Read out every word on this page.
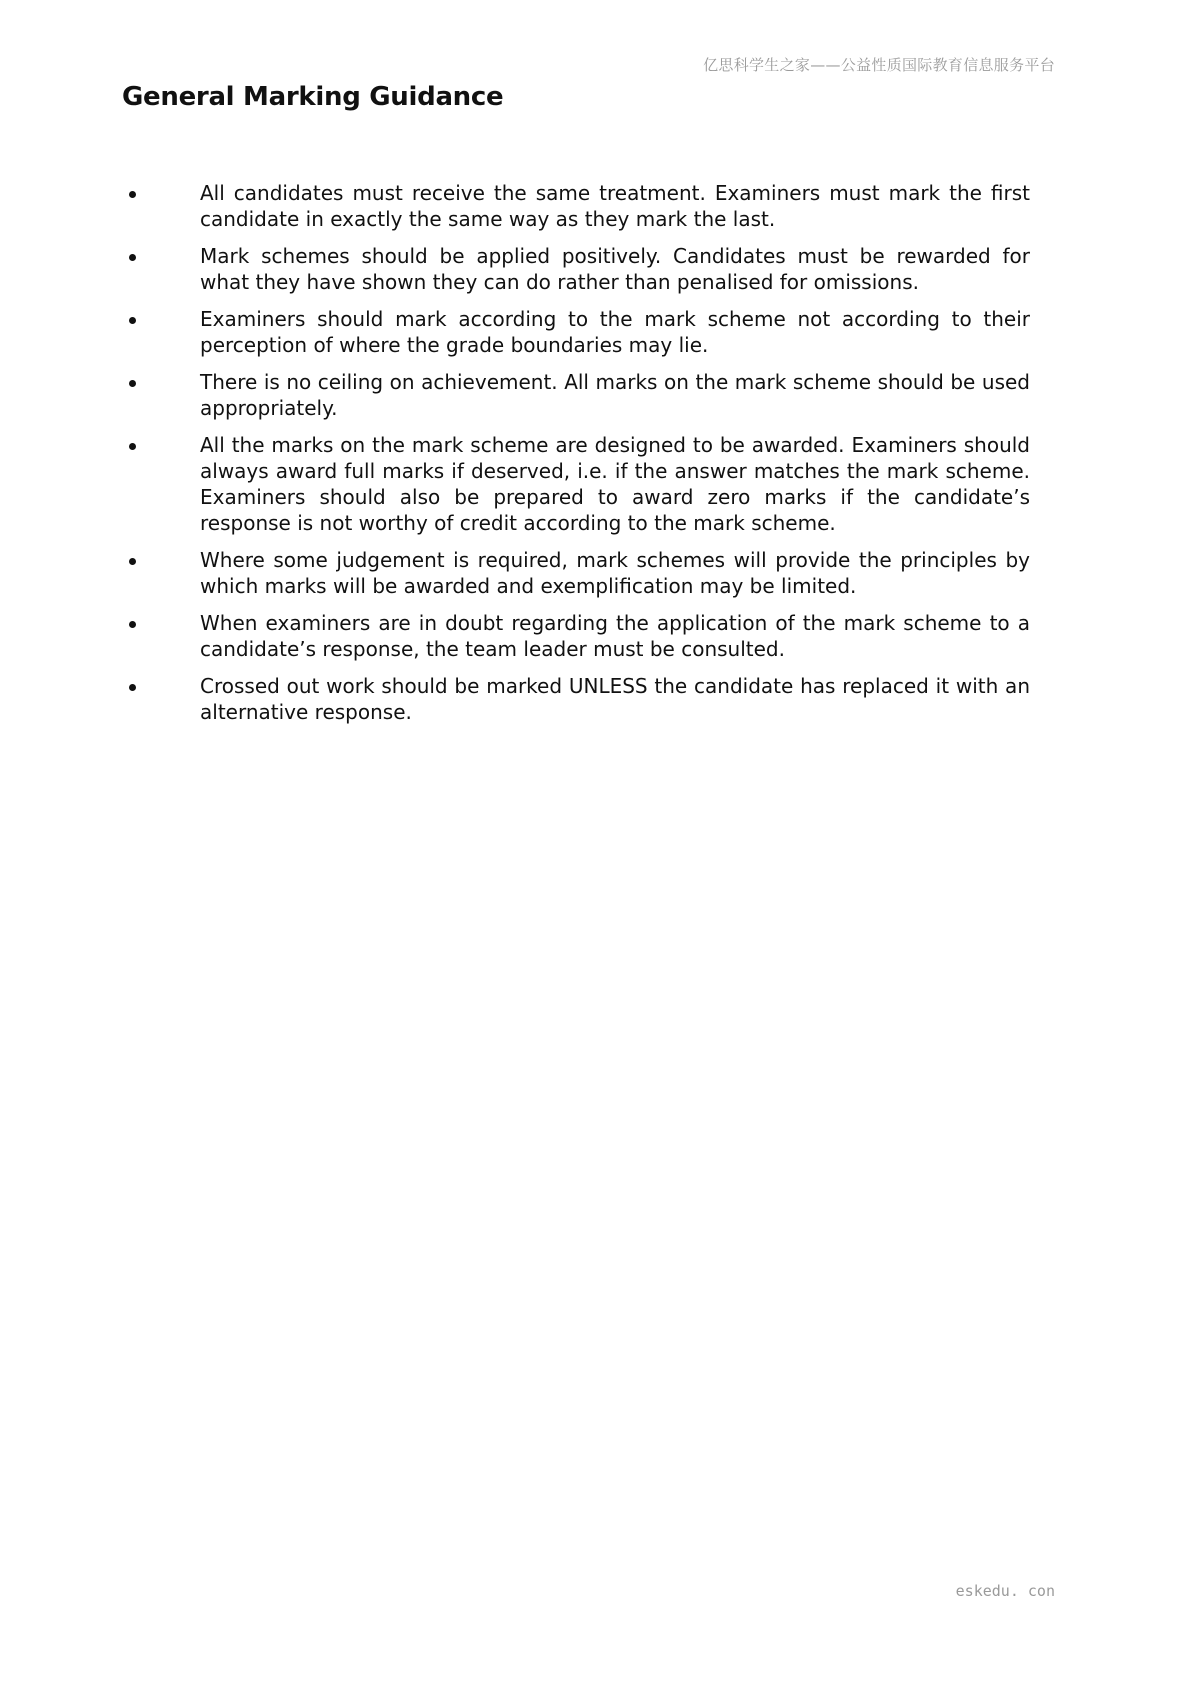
亿思科学生之家——公益性质国际教育信息服务平台
General Marking Guidance
All candidates must receive the same treatment. Examiners must mark the first candidate in exactly the same way as they mark the last.
Mark schemes should be applied positively. Candidates must be rewarded for what they have shown they can do rather than penalised for omissions.
Examiners should mark according to the mark scheme not according to their perception of where the grade boundaries may lie.
There is no ceiling on achievement. All marks on the mark scheme should be used appropriately.
All the marks on the mark scheme are designed to be awarded. Examiners should always award full marks if deserved, i.e. if the answer matches the mark scheme. Examiners should also be prepared to award zero marks if the candidate’s response is not worthy of credit according to the mark scheme.
Where some judgement is required, mark schemes will provide the principles by which marks will be awarded and exemplification may be limited.
When examiners are in doubt regarding the application of the mark scheme to a candidate’s response, the team leader must be consulted.
Crossed out work should be marked UNLESS the candidate has replaced it with an alternative response.
eskedu. con
